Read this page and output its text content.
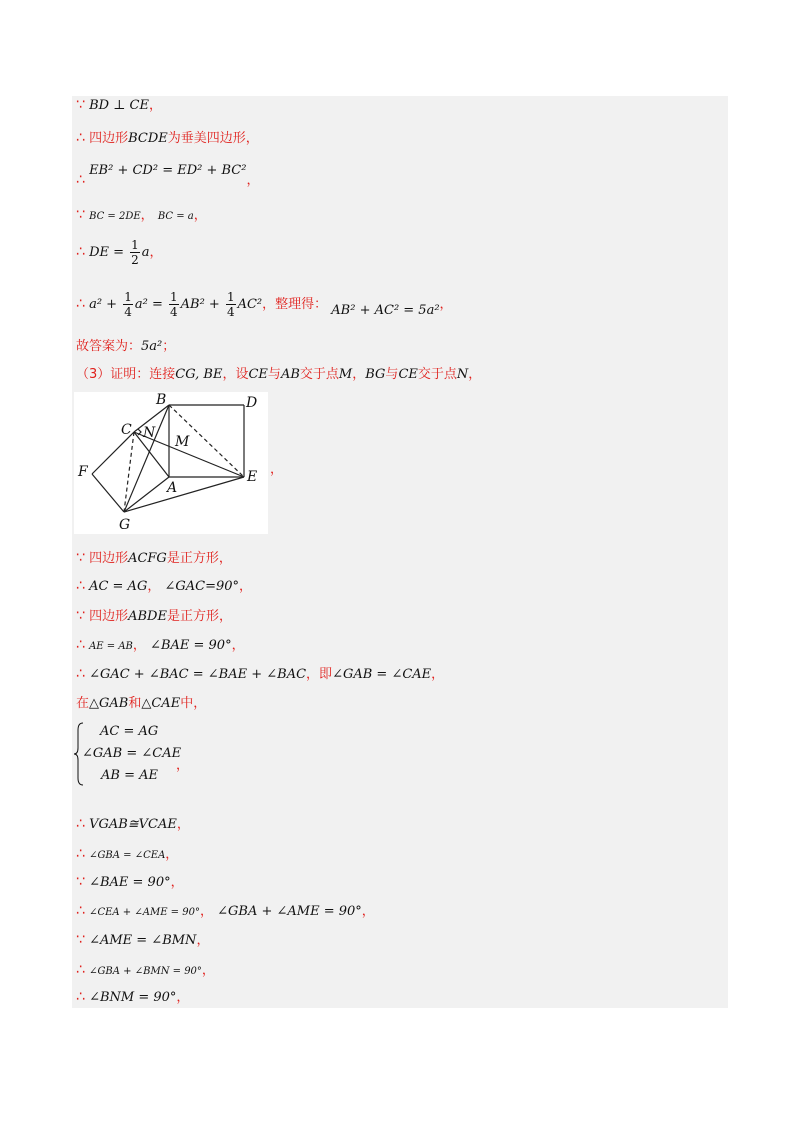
∵ BD ⊥ CE，
∴ 四边形BCDE为垂美四边形，
∴ EB² + CD² = ED² + BC²，
∵ BC = 2DE， BC = a，
∴ DE = $\frac{1}{2}$ a，
∴ $a^2 + \frac{1}{4} a^2 = \frac{1}{4} AB^2 + \frac{1}{4} AC^2$，整理得： AB² + AC² = 5a²，
故答案为：5a²；
（3）证明：连接CG, BE，设CE与AB交于点M，BG与CE交于点N，
B	D
C N
M
F	E
A
G
，
∵ 四边形ACFG是正方形，
∴ AC = AG， ∠GAC=90°，
∵ 四边形ABDE是正方形，
∴ AE = AB， ∠BAE = 90°，
∴ ∠GAC + ∠BAC = ∠BAE + ∠BAC，即∠GAB = ∠CAE，
在△GAB和△CAE中，
AC = AG
∠GAB = ∠CAE
AB = AE
，
∴ VGAB≅VCAE，
∴ ∠GBA = ∠CEA，
∵ ∠BAE = 90°，
∴ ∠CEA + ∠AME = 90°， ∠GBA + ∠AME = 90°，
∵ ∠AME = ∠BMN，
∴ ∠GBA + ∠BMN = 90°，
∴ ∠BNM = 90°，
